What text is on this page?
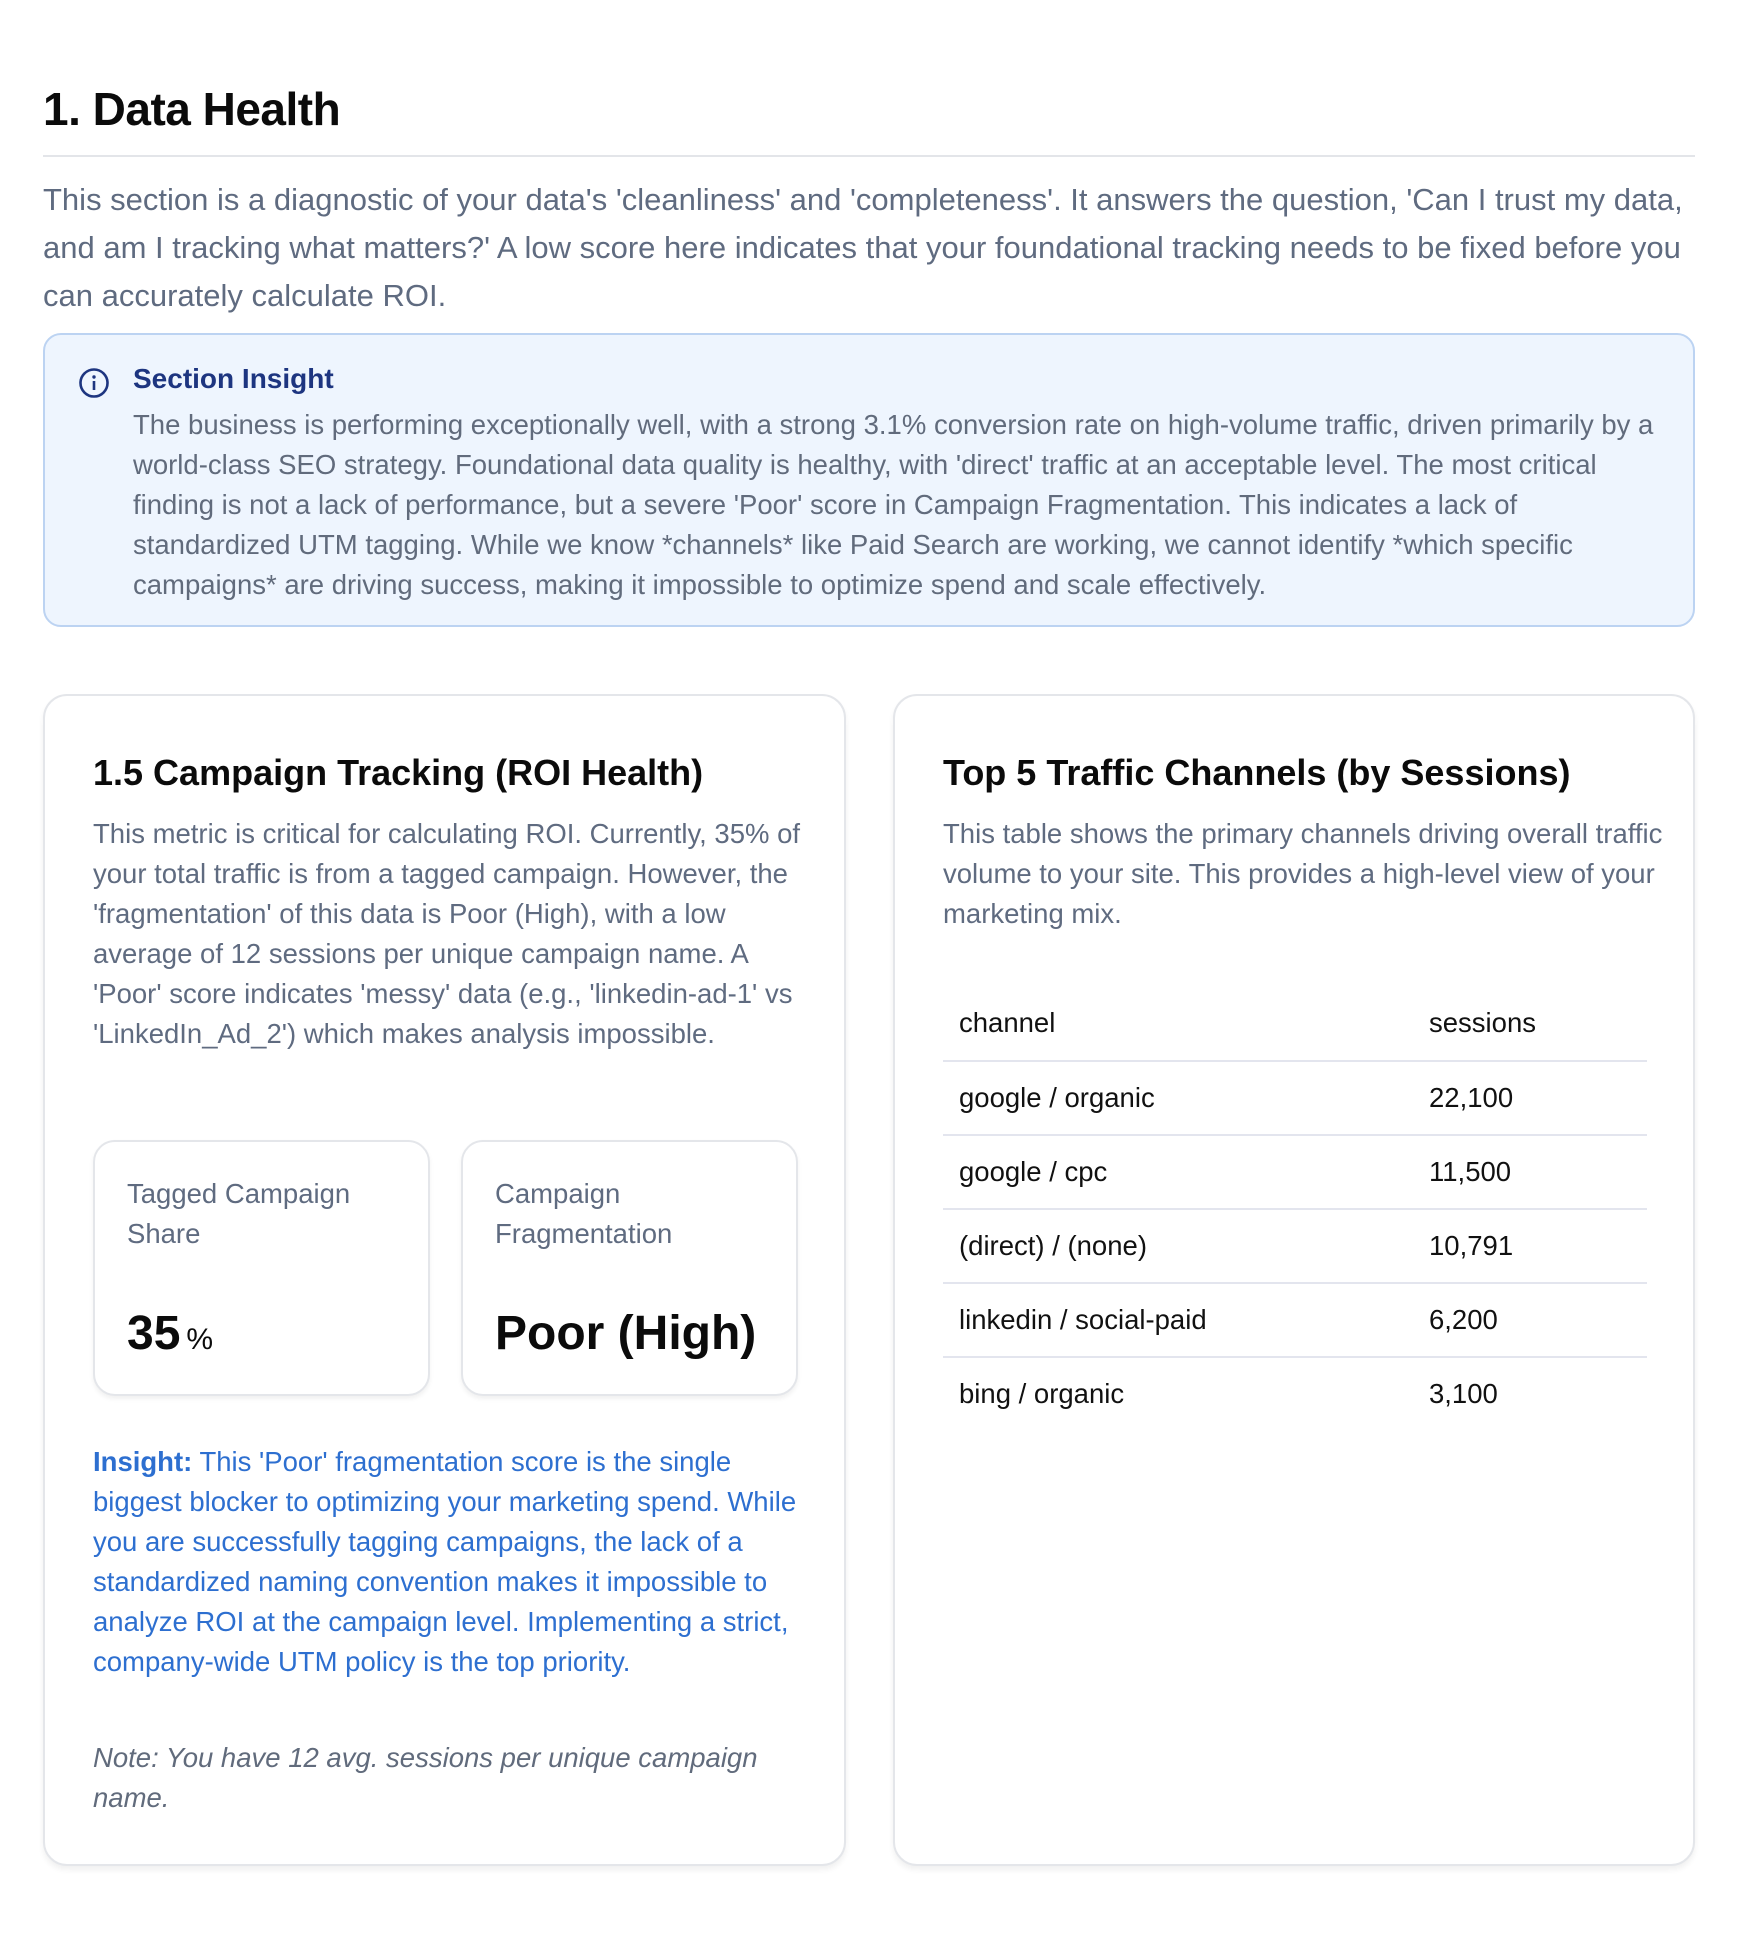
1. Data Health

This section is a diagnostic of your data's 'cleanliness' and 'completeness'. It answers the question, 'Can I trust my data, and am I tracking what matters?' A low score here indicates that your foundational tracking needs to be fixed before you can accurately calculate ROI.

Section Insight

The business is performing exceptionally well, with a strong 3.1% conversion rate on high-volume traffic, driven primarily by a world-class SEO strategy. Foundational data quality is healthy, with 'direct' traffic at an acceptable level. The most critical finding is not a lack of performance, but a severe 'Poor' score in Campaign Fragmentation. This indicates a lack of standardized UTM tagging. While we know *channels* like Paid Search are working, we cannot identify *which specific campaigns* are driving success, making it impossible to optimize spend and scale effectively.

1.5 Campaign Tracking (ROI Health)

This metric is critical for calculating ROI. Currently, 35% of your total traffic is from a tagged campaign. However, the 'fragmentation' of this data is Poor (High), with a low average of 12 sessions per unique campaign name. A 'Poor' score indicates 'messy' data (e.g., 'linkedin-ad-1' vs 'LinkedIn_Ad_2') which makes analysis impossible.

Tagged Campaign Share
35 %
Campaign Fragmentation
Poor (High)

Insight: This 'Poor' fragmentation score is the single biggest blocker to optimizing your marketing spend. While you are successfully tagging campaigns, the lack of a standardized naming convention makes it impossible to analyze ROI at the campaign level. Implementing a strict, company-wide UTM policy is the top priority.

Note: You have 12 avg. sessions per unique campaign name.

Top 5 Traffic Channels (by Sessions)

This table shows the primary channels driving overall traffic volume to your site. This provides a high-level view of your marketing mix.

channel	sessions
google / organic	22,100
google / cpc	11,500
(direct) / (none)	10,791
linkedin / social-paid	6,200
bing / organic	3,100
